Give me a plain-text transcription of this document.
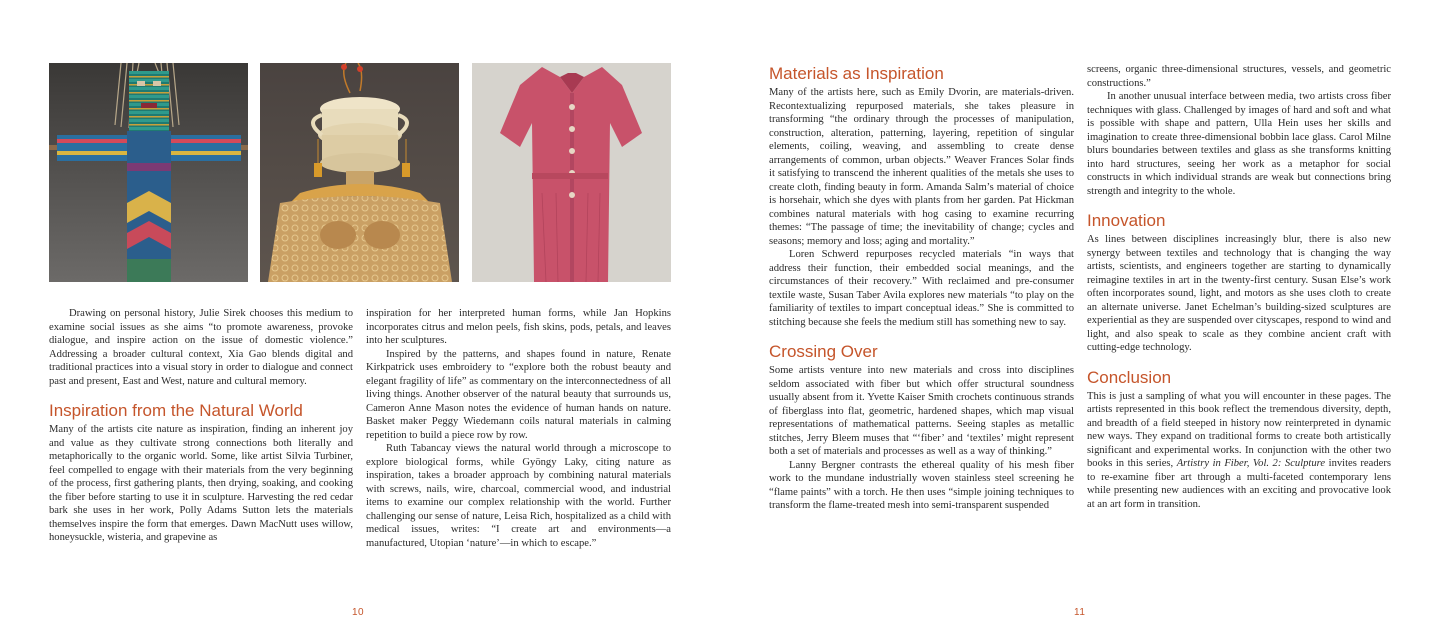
Drawing on personal history, Julie Sirek chooses this medium to examine social issues as she aims “to promote awareness, provoke dialogue, and inspire action on the issue of domestic violence.” Addressing a broader cultural context, Xia Gao blends digital and traditional practices into a visual story in order to dialogue and connect past and present, East and West, nature and cultural memory.

Inspiration from the Natural World

Many of the artists cite nature as inspiration, finding an inherent joy and value as they cultivate strong connections both literally and metaphorically to the organic world. Some, like artist Silvia Turbiner, feel compelled to engage with their materials from the very beginning of the process, first gathering plants, then drying, soaking, and cooking the fiber before starting to use it in sculpture. Harvesting the red cedar bark she uses in her work, Polly Adams Sutton lets the materials themselves inspire the form that emerges. Dawn MacNutt uses willow, honeysuckle, wisteria, and grapevine as

inspiration for her interpreted human forms, while Jan Hopkins incorporates citrus and melon peels, fish skins, pods, petals, and leaves into her sculptures.

Inspired by the patterns, and shapes found in nature, Renate Kirkpatrick uses embroidery to “explore both the robust beauty and elegant fragility of life” as commentary on the interconnectedness of all living things. Another observer of the natural beauty that surrounds us, Cameron Anne Mason notes the evidence of human hands on nature. Basket maker Peggy Wiedemann coils natural materials in calming repetition to build a piece row by row.

Ruth Tabancay views the natural world through a microscope to explore biological forms, while Gyöngy Laky, citing nature as inspiration, takes a broader approach by combining natural materials with screws, nails, wire, charcoal, commercial wood, and industrial items to examine our complex relationship with the world. Further challenging our sense of nature, Leisa Rich, hospitalized as a child with medical issues, writes: “I create art and environments—a manufactured, Utopian ‘nature’—in which to escape.”

10
Materials as Inspiration

Many of the artists here, such as Emily Dvorin, are materials-driven. Recontextualizing repurposed materials, she takes pleasure in transforming “the ordinary through the processes of manipulation, construction, alteration, patterning, layering, repetition of singular elements, coiling, weaving, and assembling to create dense arrangements of common, urban objects.” Weaver Frances Solar finds it satisfying to transcend the inherent qualities of the metals she uses to create cloth, finding beauty in form. Amanda Salm’s material of choice is horsehair, which she dyes with plants from her garden. Pat Hickman combines natural materials with hog casing to examine recurring themes: “The passage of time; the inevitability of change; cycles and seasons; memory and loss; aging and mortality.”

Loren Schwerd repurposes recycled materials “in ways that address their function, their embedded social meanings, and the circumstances of their recovery.” With reclaimed and pre-consumer textile waste, Susan Taber Avila explores new materials “to play on the familiarity of textiles to impart conceptual ideas.” She is committed to stitching because she feels the medium still has something new to say.

Crossing Over

Some artists venture into new materials and cross into disciplines seldom associated with fiber but which offer structural soundness usually absent from it. Yvette Kaiser Smith crochets continuous strands of fiberglass into flat, geometric, hardened shapes, which map visual representations of mathematical patterns. Seeing staples as metallic stitches, Jerry Bleem muses that “‘fiber’ and ‘textiles’ might represent both a set of materials and processes as well as a way of thinking.”

Lanny Bergner contrasts the ethereal quality of his mesh fiber work to the mundane industrially woven stainless steel screening he “flame paints” with a torch. He then uses “simple joining techniques to transform the flame-treated mesh into semi-transparent suspended

screens, organic three-dimensional structures, vessels, and geometric constructions.”

In another unusual interface between media, two artists cross fiber techniques with glass. Challenged by images of hard and soft and what is possible with shape and pattern, Ulla Hein uses her skills and imagination to create three-dimensional bobbin lace glass. Carol Milne blurs boundaries between textiles and glass as she transforms knitting into hard structures, seeing her work as a metaphor for social constructs in which individual strands are weak but connections bring strength and integrity to the whole.

Innovation

As lines between disciplines increasingly blur, there is also new synergy between textiles and technology that is changing the way artists, scientists, and engineers together are starting to dynamically reimagine textiles in art in the twenty-first century. Susan Else’s work often incorporates sound, light, and motors as she uses cloth to create an alternate universe. Janet Echelman’s building-sized sculptures are experiential as they are suspended over cityscapes, respond to wind and light, and also speak to scale as they combine ancient craft with cutting-edge technology.

Conclusion

This is just a sampling of what you will encounter in these pages. The artists represented in this book reflect the tremendous diversity, depth, and breadth of a field steeped in history now reinterpreted in dynamic new ways. They expand on traditional forms to create both artistically significant and experimental works. In conjunction with the other two books in this series, Artistry in Fiber, Vol. 2: Sculpture invites readers to re-examine fiber art through a multi-faceted contemporary lens while presenting new audiences with an exciting and provocative look at an art form in transition.

11
